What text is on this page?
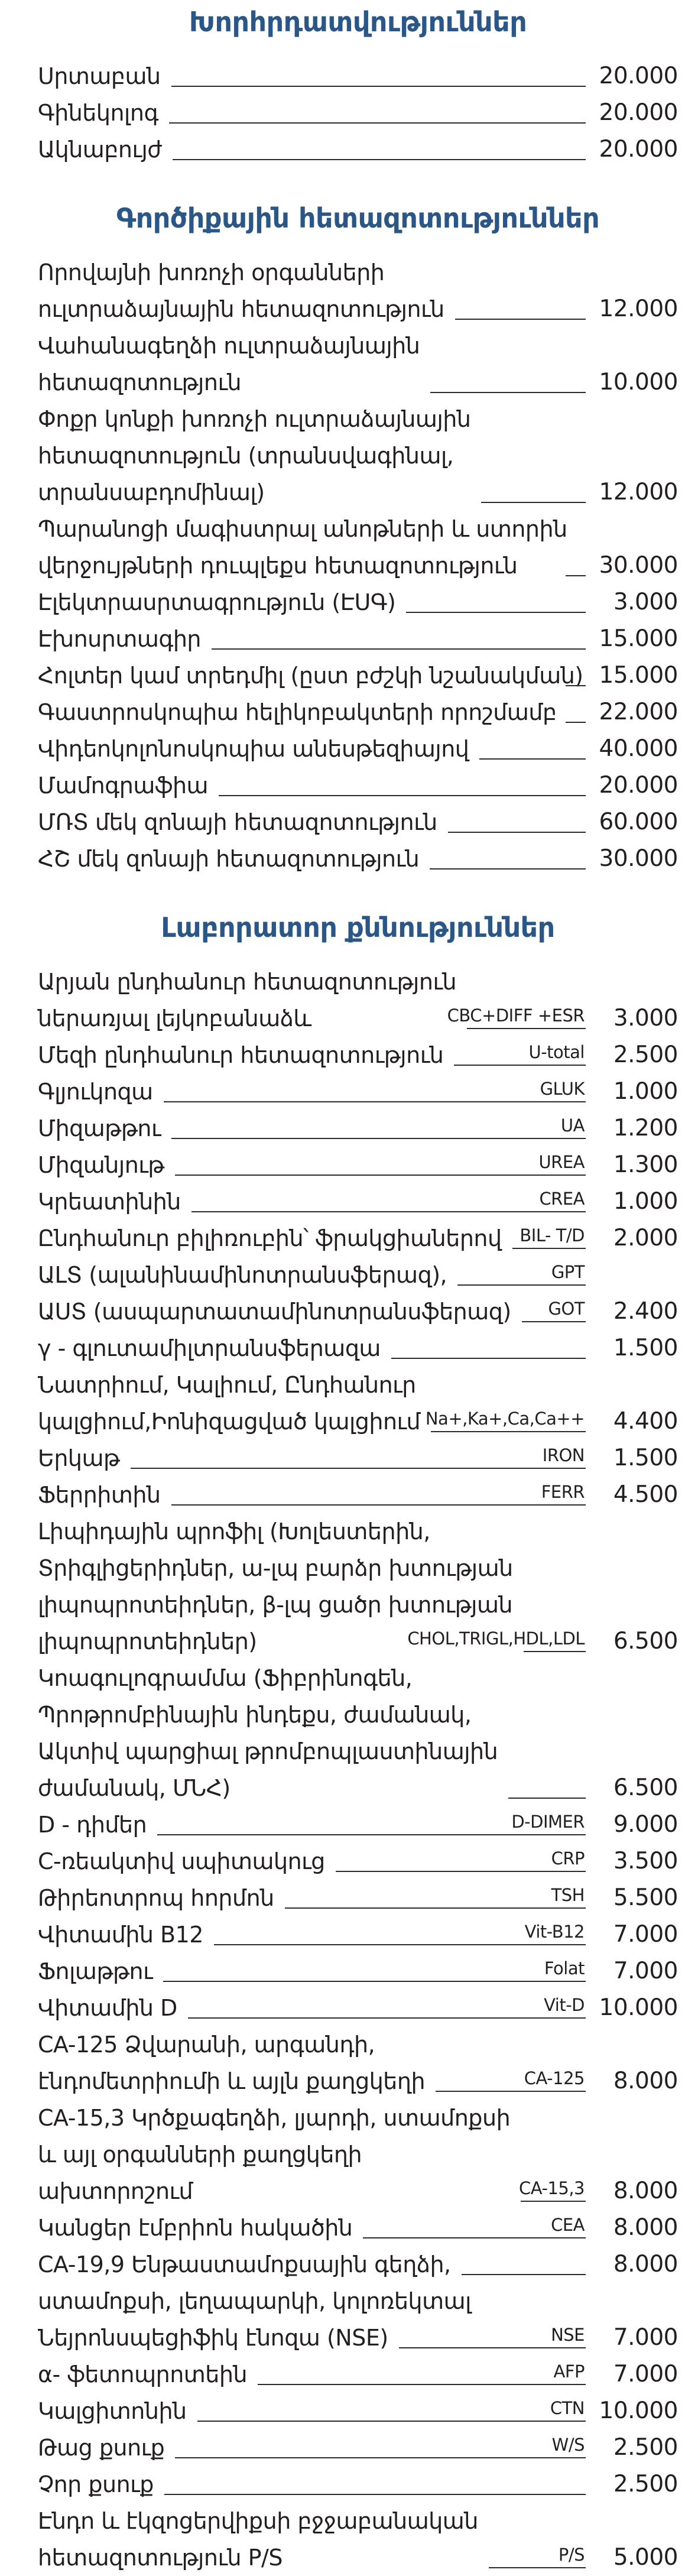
Խորհրդատվություններ
Սրտաբան	20.000
Գինեկոլոգ	20.000
Ակնաբույժ	20.000
Գործիքային հետազոտություններ
Որովայնի խոռոչի օրգանների
ուլտրաձայնային հետազոտություն	12.000
Վահանագեղձի ուլտրաձայնային
հետազոտություն	10.000
Փոքր կոնքի խոռոչի ուլտրաձայնային
հետազոտություն (տրանսվագինալ,
տրանսաբդոմինալ)	12.000
Պարանոցի մագիստրալ անոթների և ստորին
վերջույթների դուպլեքս հետազոտություն	30.000
Էլեկտրասրտագրություն (ԷՍԳ)	3.000
Էխոսրտագիր	15.000
Հոլտեր կամ տրեդմիլ (ըստ բժշկի նշանակման) 15.000
Գաստրոսկոպիա հելիկոբակտերի որոշմամբ 22.000
Վիդեոկոլոնոսկոպիա անեսթեզիայով	40.000
Մամոգրաֆիա	20.000
ՄՌՏ մեկ զոնայի հետազոտություն	60.000
ՀՇ մեկ զոնայի հետազոտություն	30.000
Լաբորատոր քննություններ
Արյան ընդհանուր հետազոտություն
ներառյալ լեյկոբանաձև	CBC+DIFF +ESR	3.000
Մեզի ընդհանուր հետազոտություն	U-total	2.500
Գլյուկոզա	GLUK	1.000
Միզաթթու	UA	1.200
Միզանյութ	UREA	1.300
Կրեատինին	CREA	1.000
Ընդհանուր բիլիռուբին՝ ֆրակցիաներով BIL- T/D	2.000
ԱԼՏ (ալանինամինոտրանսֆերազ),	GPT
ԱՍՏ (ասպարտատամինոտրանսֆերազ) GOT	2.400
γ - գլուտամիլտրանսֆերազա	1.500
Նատրիում, Կալիում, Ընդհանուր
կալցիում,Իոնիզացված կալցիում Na+,Ka+,Ca,Ca++	4.400
Երկաթ	IRON	1.500
Ֆերրիտին	FERR	4.500
Լիպիդային պրոֆիլ (Խոլեստերին,
Տրիգլիցերիդներ, ա-լպ բարձր խտության
լիպոպրոտեիդներ, β-լպ ցածր խտության
լիպոպրոտեիդներ)	CHOL,TRIGL,HDL,LDL	6.500
Կոագուլոգրամմա (Ֆիբրինոգեն,
Պրոթրոմբինային ինդեքս, ժամանակ,
Ակտիվ պարցիալ թրոմբոպլաստինային
ժամանակ, ՄՆՀ)	6.500
D - դիմեր	D-DIMER	9.000
C-ռեակտիվ սպիտակուց	CRP	3.500
Թիրեոտրոպ հորմոն	TSH	5.500
Վիտամին B12	Vit-B12	7.000
Ֆոլաթթու	Folat	7.000
Վիտամին D	Vit-D 10.000
CA-125 Ձվարանի, արգանդի,
էնդոմետրիումի և այլն քաղցկեղի	CA-125	8.000
CA-15,3 Կրծքագեղձի, լյարդի, ստամոքսի
և այլ օրգանների քաղցկեղի
ախտորոշում	CA-15,3	8.000
Կանցեր էմբրիոն հակածին	CEA	8.000
CA-19,9 Ենթաստամոքսային գեղձի,	8.000
ստամոքսի, լեղապարկի, կոլոռեկտալ
Նեյրոնսպեցիֆիկ էնոզա (NSE)	NSE	7.000
α- ֆետոպրոտեին	AFP	7.000
Կալցիտոնին	CTN 10.000
Թաց քսուք	W/S	2.500
Չոր քսուք	2.500
Էնդո և էկզոցերվիքսի բջջաբանական
հետազոտություն P/S	P/S	5.000
